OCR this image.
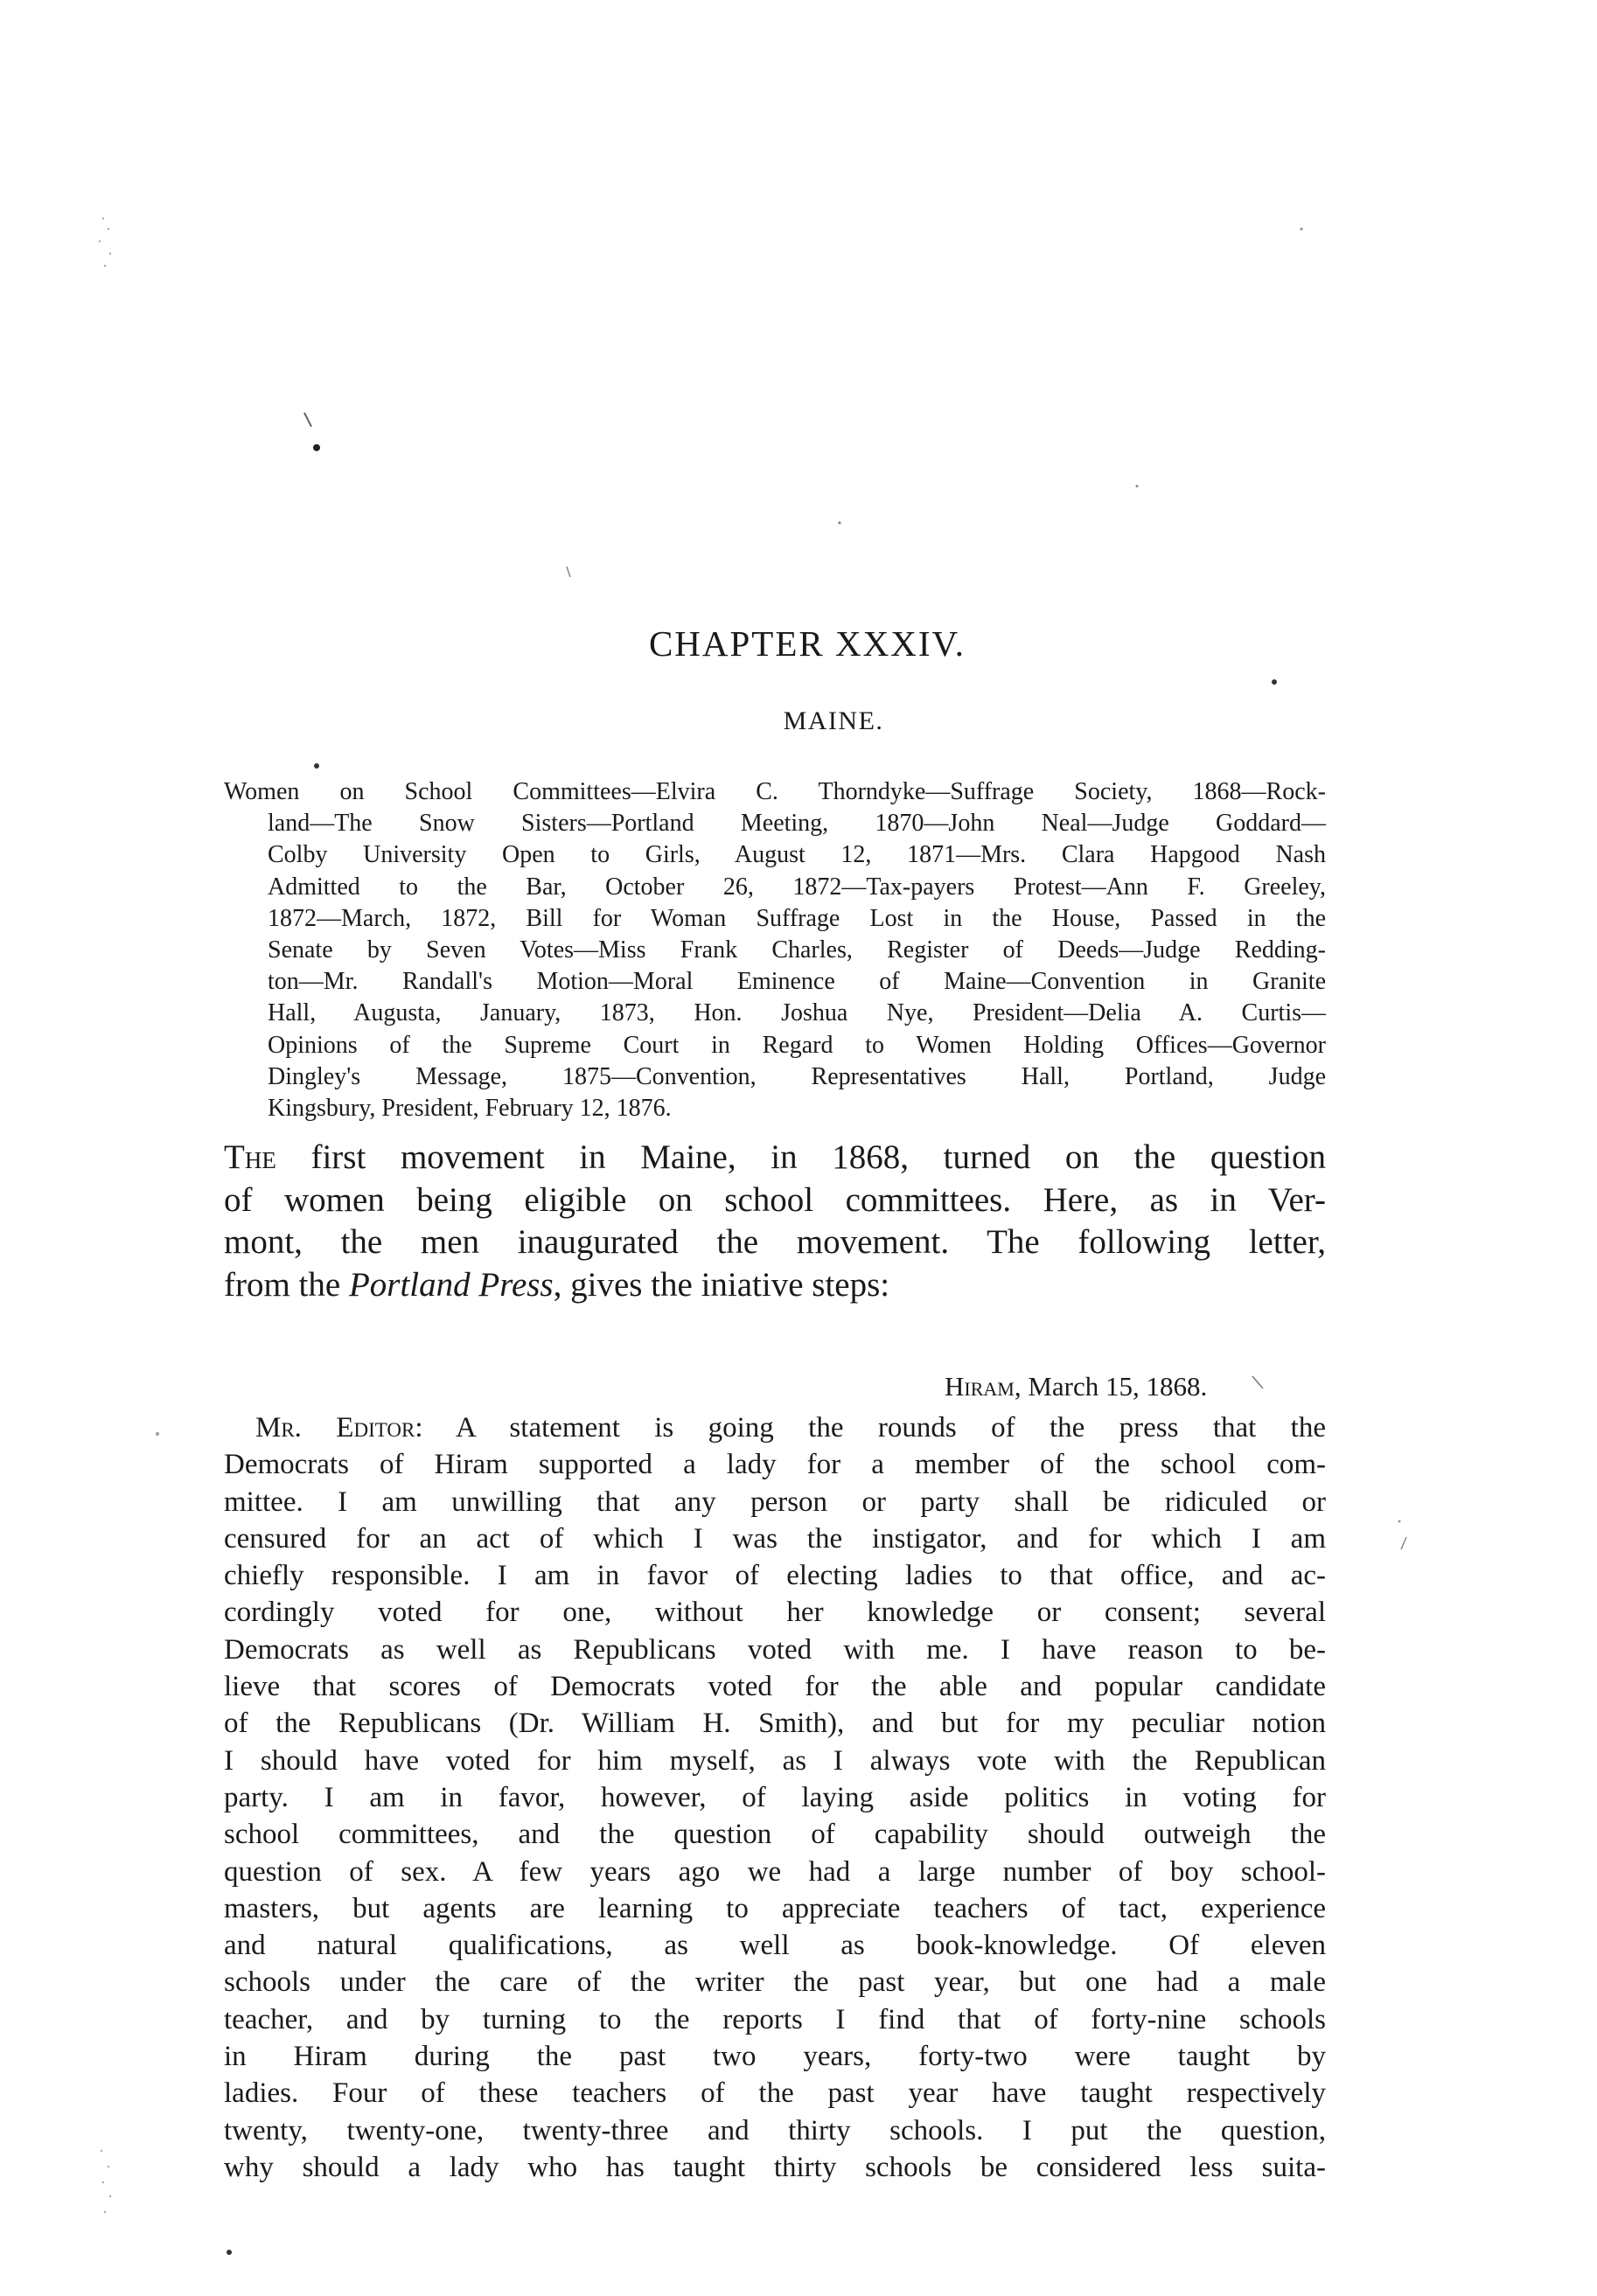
CHAPTER XXXIV.
MAINE.
Women on School Committees—Elvira C. Thorndyke—Suffrage Society, 1868—Rock-
land—The Snow Sisters—Portland Meeting, 1870—John Neal—Judge Goddard—
Colby University Open to Girls, August 12, 1871—Mrs. Clara Hapgood Nash
Admitted to the Bar, October 26, 1872—Tax-payers Protest—Ann F. Greeley,
1872—March, 1872, Bill for Woman Suffrage Lost in the House, Passed in the
Senate by Seven Votes—Miss Frank Charles, Register of Deeds—Judge Redding-
ton—Mr. Randall's Motion—Moral Eminence of Maine—Convention in Granite
Hall, Augusta, January, 1873, Hon. Joshua Nye, President—Delia A. Curtis—
Opinions of the Supreme Court in Regard to Women Holding Offices—Governor
Dingley's Message, 1875—Convention, Representatives Hall, Portland, Judge
Kingsbury, President, February 12, 1876.
The first movement in Maine, in 1868, turned on the question
of women being eligible on school committees. Here, as in Ver-
mont, the men inaugurated the movement. The following letter,
from the Portland Press, gives the iniative steps:
Hiram, March 15, 1868.
Mr. Editor: A statement is going the rounds of the press that the
Democrats of Hiram supported a lady for a member of the school com-
mittee. I am unwilling that any person or party shall be ridiculed or
censured for an act of which I was the instigator, and for which I am
chiefly responsible. I am in favor of electing ladies to that office, and ac-
cordingly voted for one, without her knowledge or consent; several
Democrats as well as Republicans voted with me. I have reason to be-
lieve that scores of Democrats voted for the able and popular candidate
of the Republicans (Dr. William H. Smith), and but for my peculiar notion
I should have voted for him myself, as I always vote with the Republican
party. I am in favor, however, of laying aside politics in voting for
school committees, and the question of capability should outweigh the
question of sex. A few years ago we had a large number of boy school-
masters, but agents are learning to appreciate teachers of tact, experience
and natural qualifications, as well as book-knowledge. Of eleven
schools under the care of the writer the past year, but one had a male
teacher, and by turning to the reports I find that of forty-nine schools
in Hiram during the past two years, forty-two were taught by
ladies. Four of these teachers of the past year have taught respectively
twenty, twenty-one, twenty-three and thirty schools. I put the question,
why should a lady who has taught thirty schools be considered less suita-
